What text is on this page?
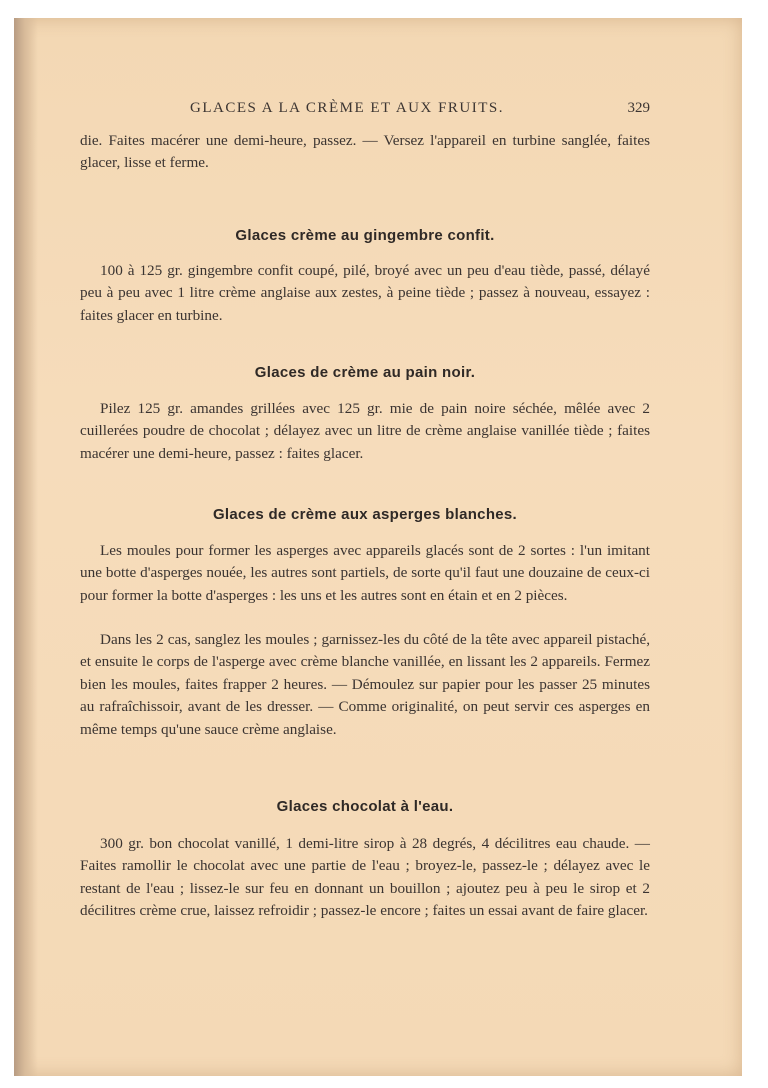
GLACES A LA CRÈME ET AUX FRUITS.	329

die. Faites macérer une demi-heure, passez. — Versez l'appareil en turbine sanglée, faites glacer, lisse et ferme.

Glaces crème au gingembre confit.

100 à 125 gr. gingembre confit coupé, pilé, broyé avec un peu d'eau tiède, passé, délayé peu à peu avec 1 litre crème anglaise aux zestes, à peine tiède ; passez à nouveau, essayez : faites glacer en turbine.

Glaces de crème au pain noir.

Pilez 125 gr. amandes grillées avec 125 gr. mie de pain noire séchée, mêlée avec 2 cuillerées poudre de chocolat ; délayez avec un litre de crème anglaise vanillée tiède ; faites macérer une demi-heure, passez : faites glacer.

Glaces de crème aux asperges blanches.

Les moules pour former les asperges avec appareils glacés sont de 2 sortes : l'un imitant une botte d'asperges nouée, les autres sont partiels, de sorte qu'il faut une douzaine de ceux-ci pour former la botte d'asperges : les uns et les autres sont en étain et en 2 pièces.

Dans les 2 cas, sanglez les moules ; garnissez-les du côté de la tête avec appareil pistaché, et ensuite le corps de l'asperge avec crème blanche vanillée, en lissant les 2 appareils. Fermez bien les moules, faites frapper 2 heures. — Démoulez sur papier pour les passer 25 minutes au rafraîchissoir, avant de les dresser. — Comme originalité, on peut servir ces asperges en même temps qu'une sauce crème anglaise.

Glaces chocolat à l'eau.

300 gr. bon chocolat vanillé, 1 demi-litre sirop à 28 degrés, 4 décilitres eau chaude. — Faites ramollir le chocolat avec une partie de l'eau ; broyez-le, passez-le ; délayez avec le restant de l'eau ; lissez-le sur feu en donnant un bouillon ; ajoutez peu à peu le sirop et 2 décilitres crème crue, laissez refroidir ; passez-le encore ; faites un essai avant de faire glacer.
